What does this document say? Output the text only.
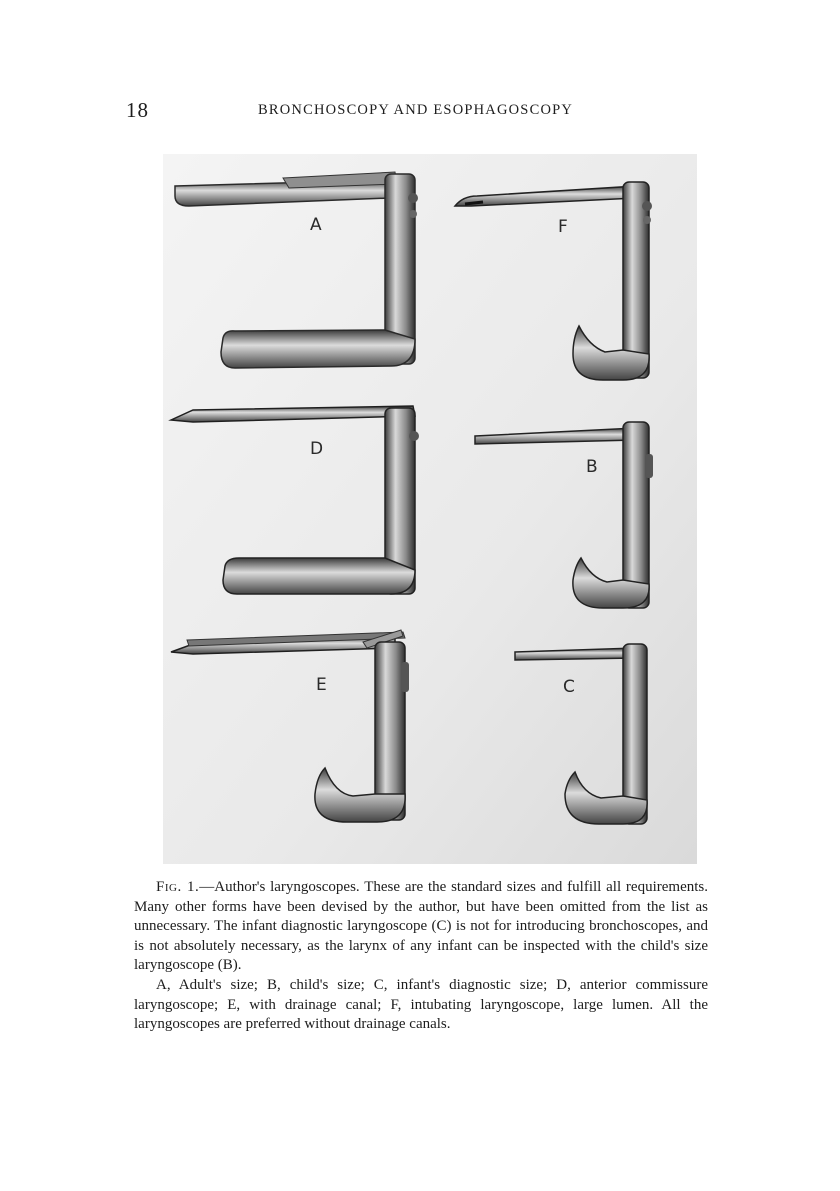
18	BRONCHOSCOPY AND ESOPHAGOSCOPY
A	F
D
B
E	C

Fig. 1.—Author's laryngoscopes. These are the standard sizes and fulfill all requirements. Many other forms have been devised by the author, but have been omitted from the list as unnecessary. The infant diagnostic laryngoscope (C) is not for introducing bronchoscopes, and is not absolutely necessary, as the larynx of any infant can be inspected with the child's size laryngoscope (B).

A, Adult's size; B, child's size; C, infant's diagnostic size; D, anterior commissure laryngoscope; E, with drainage canal; F, intubating laryngoscope, large lumen. All the laryngoscopes are preferred without drainage canals.
